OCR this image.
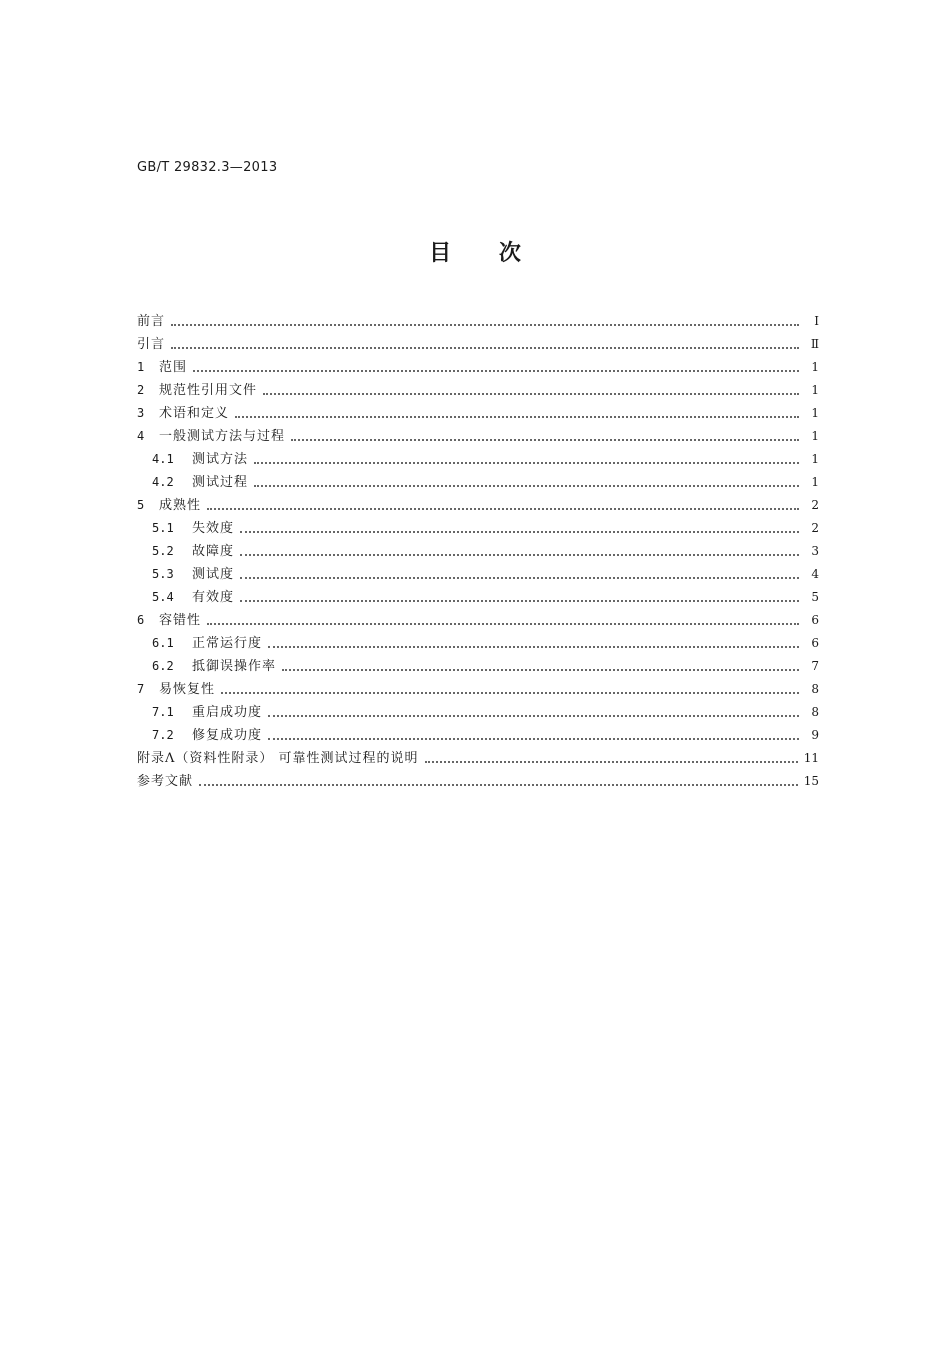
GB/T 29832.3—2013
目 次
前言	Ⅰ
引言	Ⅱ
1	范围	1
2	规范性引用文件	1
3	术语和定义	1
4	一般测试方法与过程	1
4.1	测试方法	1
4.2	测试过程	1
5	成熟性	2
5.1	失效度	2
5.2	故障度	3
5.3	测试度	4
5.4	有效度	5
6	容错性	6
6.1	正常运行度	6
6.2	抵御误操作率	7
7	易恢复性	8
7.1	重启成功度	8
7.2	修复成功度	9
附录Λ（资料性附录） 可靠性测试过程的说明	11
参考文献	15
